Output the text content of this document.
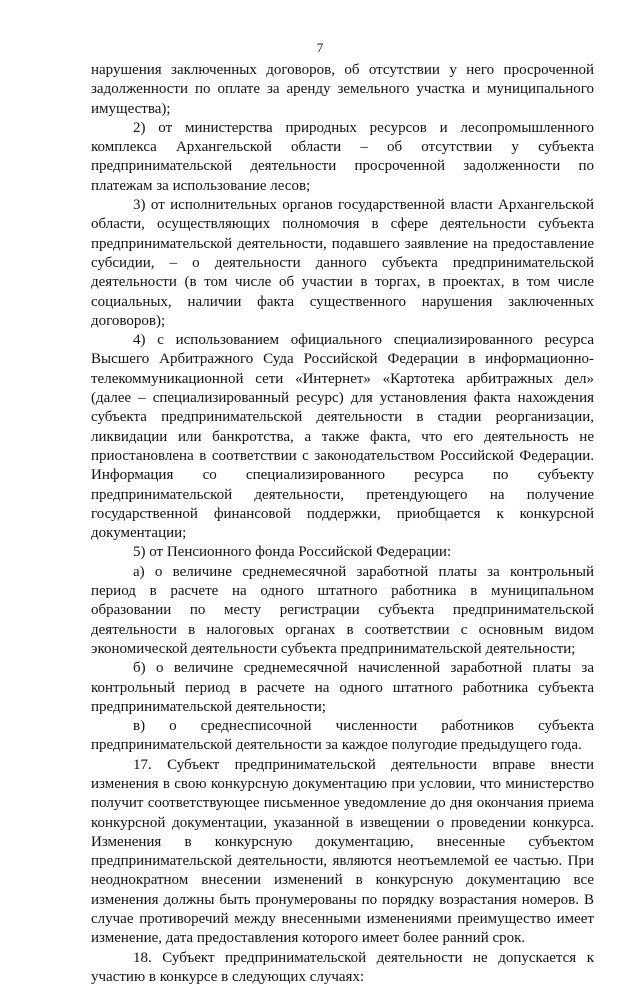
7

нарушения заключенных договоров, об отсутствии у него просроченной задолженности по оплате за аренду земельного участка и муниципального имущества);

2) от министерства природных ресурсов и лесопромышленного комплекса Архангельской области – об отсутствии у субъекта предпринимательской деятельности просроченной задолженности по платежам за использование лесов;

3) от исполнительных органов государственной власти Архангельской области, осуществляющих полномочия в сфере деятельности субъекта предпринимательской деятельности, подавшего заявление на предоставление субсидии, – о деятельности данного субъекта предпринимательской деятельности (в том числе об участии в торгах, в проектах, в том числе социальных, наличии факта существенного нарушения заключенных договоров);

4) с использованием официального специализированного ресурса Высшего Арбитражного Суда Российской Федерации в информационно-телекоммуникационной сети «Интернет» «Картотека арбитражных дел» (далее – специализированный ресурс) для установления факта нахождения субъекта предпринимательской деятельности в стадии реорганизации, ликвидации или банкротства, а также факта, что его деятельность не приостановлена в соответствии с законодательством Российской Федерации. Информация со специализированного ресурса по субъекту предпринимательской деятельности, претендующего на получение государственной финансовой поддержки, приобщается к конкурсной документации;

5) от Пенсионного фонда Российской Федерации:

а) о величине среднемесячной заработной платы за контрольный период в расчете на одного штатного работника в муниципальном образовании по месту регистрации субъекта предпринимательской деятельности в налоговых органах в соответствии с основным видом экономической деятельности субъекта предпринимательской деятельности;

б) о величине среднемесячной начисленной заработной платы за контрольный период в расчете на одного штатного работника субъекта предпринимательской деятельности;

в) о среднесписочной численности работников субъекта предпринимательской деятельности за каждое полугодие предыдущего года.

17. Субъект предпринимательской деятельности вправе внести изменения в свою конкурсную документацию при условии, что министерство получит соответствующее письменное уведомление до дня окончания приема конкурсной документации, указанной в извещении о проведении конкурса. Изменения в конкурсную документацию, внесенные субъектом предпринимательской деятельности, являются неотъемлемой ее частью. При неоднократном внесении изменений в конкурсную документацию все изменения должны быть пронумерованы по порядку возрастания номеров. В случае противоречий между внесенными изменениями преимущество имеет изменение, дата предоставления которого имеет более ранний срок.

18. Субъект предпринимательской деятельности не допускается к участию в конкурсе в следующих случаях:
